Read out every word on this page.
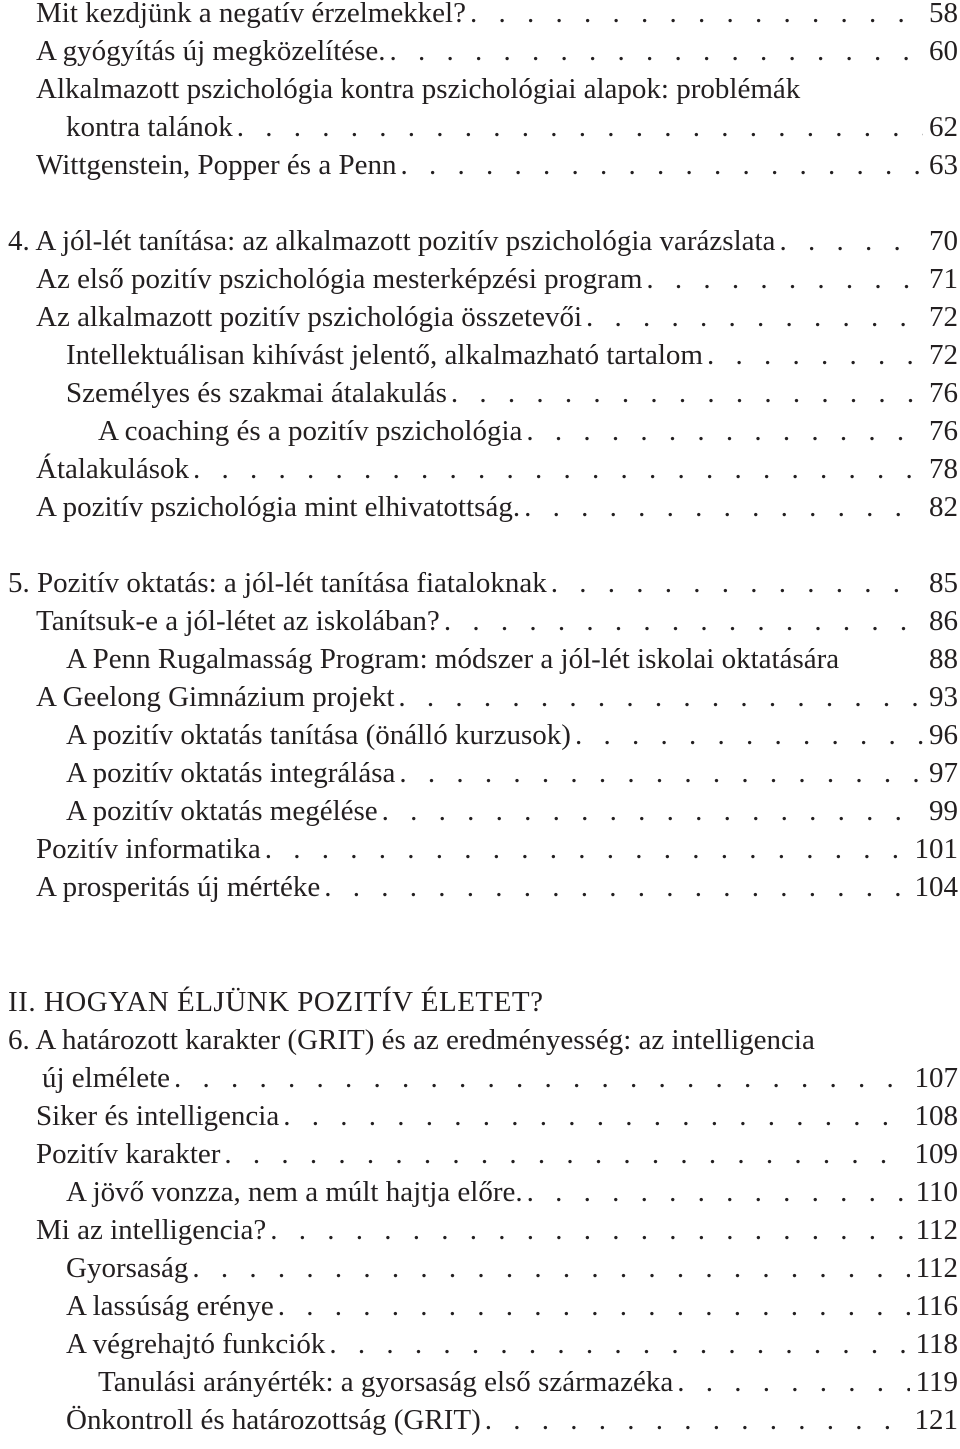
Mit kezdjünk a negatív érzelmekkel? . . .	58
A gyógyítás új megközelítése. . . .	60
Alkalmazott pszichológia kontra pszichológiai alapok: problémák
kontra talánok . . .	62
Wittgenstein, Popper és a Penn . . .	63
4. A jól-lét tanítása: az alkalmazott pozitív pszichológia varázslata . . .	70
Az első pozitív pszichológia mesterképzési program . . .	71
Az alkalmazott pozitív pszichológia összetevői . . .	72
Intellektuálisan kihívást jelentő, alkalmazható tartalom . . .	72
Személyes és szakmai átalakulás . . .	76
A coaching és a pozitív pszichológia . . .	76
Átalakulások . . .	78
A pozitív pszichológia mint elhivatottság. . . .	82
5. Pozitív oktatás: a jól-lét tanítása fiataloknak . . .	85
Tanítsuk-e a jól-létet az iskolában? . . .	86
A Penn Rugalmasság Program: módszer a jól-lét iskolai oktatására	88
A Geelong Gimnázium projekt . . .	93
A pozitív oktatás tanítása (önálló kurzusok) . . .	96
A pozitív oktatás integrálása . . .	97
A pozitív oktatás megélése . . .	99
Pozitív informatika . . .	101
A prosperitás új mértéke . . .	104
II. HOGYAN ÉLJÜNK POZITÍV ÉLETET?
6. A határozott karakter (GRIT) és az eredményesség: az intelligencia
új elmélete . . .	107
Siker és intelligencia . . .	108
Pozitív karakter . . .	109
A jövő vonzza, nem a múlt hajtja előre. . . .	110
Mi az intelligencia? . . .	112
Gyorsaság . . .	112
A lassúság erénye . . .	116
A végrehajtó funkciók . . .	118
Tanulási arányérték: a gyorsaság első származéka . . .	119
Önkontroll és határozottság (GRIT) . . .	121
